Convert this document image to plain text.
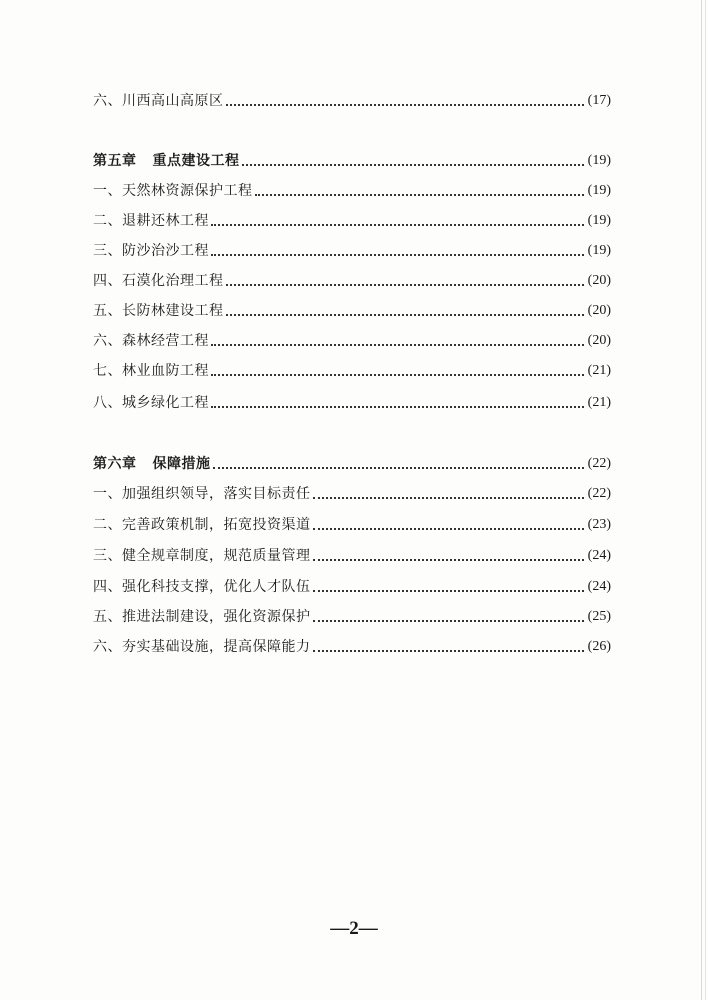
六、川西高山高原区	(17)
第五章 重点建设工程	(19)
一、天然林资源保护工程	(19)
二、退耕还林工程	(19)
三、防沙治沙工程	(19)
四、石漠化治理工程	(20)
五、长防林建设工程	(20)
六、森林经营工程	(20)
七、林业血防工程	(21)
八、城乡绿化工程	(21)
第六章 保障措施	(22)
一、加强组织领导，落实目标责任	(22)
二、完善政策机制，拓宽投资渠道	(23)
三、健全规章制度，规范质量管理	(24)
四、强化科技支撑，优化人才队伍	(24)
五、推进法制建设，强化资源保护	(25)
六、夯实基础设施，提高保障能力	(26)
—2—
